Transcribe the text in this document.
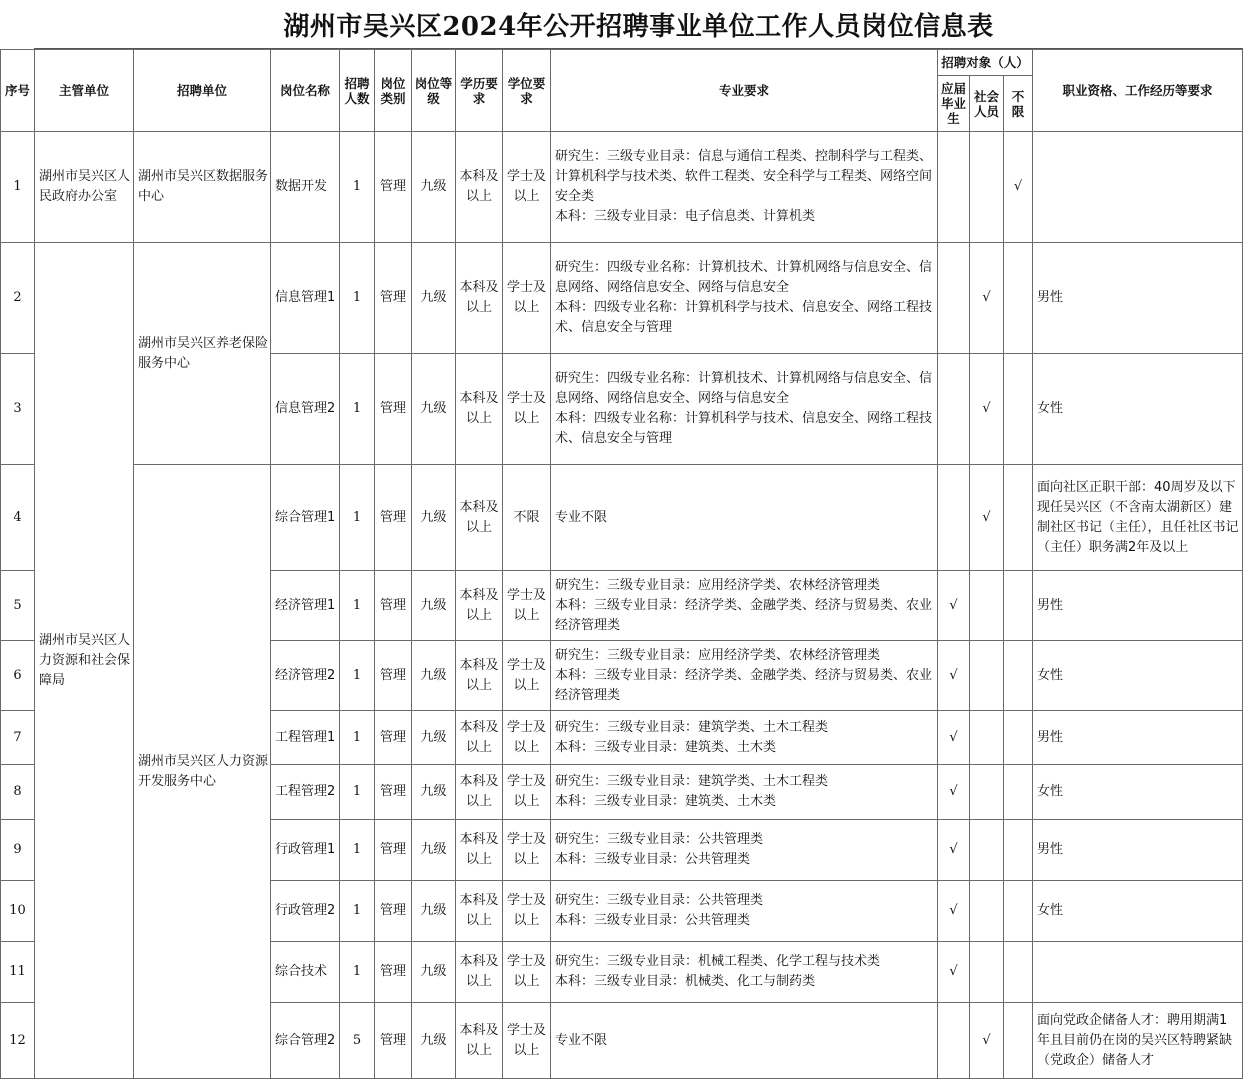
湖州市吴兴区2024年公开招聘事业单位工作人员岗位信息表
序号	主管单位	招聘单位	岗位名称	招聘人数	岗位类别	岗位等级	学历要求	学位要求	专业要求	招聘对象（人）			职业资格、工作经历等要求
										应届毕业生	社会人员	不限	
1	湖州市吴兴区人民政府办公室	湖州市吴兴区数据服务中心	数据开发	1	管理	九级	本科及以上	学士及以上	研究生：三级专业目录：信息与通信工程类、控制科学与工程类、计算机科学与技术类、软件工程类、安全科学与工程类、网络空间安全类
本科：三级专业目录：电子信息类、计算机类			√	
2	湖州市吴兴区人力资源和社会保障局	湖州市吴兴区养老保险服务中心	信息管理1	1	管理	九级	本科及以上	学士及以上	研究生：四级专业名称：计算机技术、计算机网络与信息安全、信息网络、网络信息安全、网络与信息安全
本科：四级专业名称：计算机科学与技术、信息安全、网络工程技术、信息安全与管理		√		男性
3			信息管理2	1	管理	九级	本科及以上	学士及以上	研究生：四级专业名称：计算机技术、计算机网络与信息安全、信息网络、网络信息安全、网络与信息安全
本科：四级专业名称：计算机科学与技术、信息安全、网络工程技术、信息安全与管理		√		女性
4		湖州市吴兴区人力资源开发服务中心	综合管理1	1	管理	九级	本科及以上	不限	专业不限		√		面向社区正职干部：40周岁及以下现任吴兴区（不含南太湖新区）建制社区书记（主任），且任社区书记（主任）职务满2年及以上
5			经济管理1	1	管理	九级	本科及以上	学士及以上	研究生：三级专业目录：应用经济学类、农林经济管理类
本科：三级专业目录：经济学类、金融学类、经济与贸易类、农业经济管理类	√			男性
6			经济管理2	1	管理	九级	本科及以上	学士及以上	研究生：三级专业目录：应用经济学类、农林经济管理类
本科：三级专业目录：经济学类、金融学类、经济与贸易类、农业经济管理类	√			女性
7			工程管理1	1	管理	九级	本科及以上	学士及以上	研究生：三级专业目录：建筑学类、土木工程类
本科：三级专业目录：建筑类、土木类	√			男性
8			工程管理2	1	管理	九级	本科及以上	学士及以上	研究生：三级专业目录：建筑学类、土木工程类
本科：三级专业目录：建筑类、土木类	√			女性
9			行政管理1	1	管理	九级	本科及以上	学士及以上	研究生：三级专业目录：公共管理类
本科：三级专业目录：公共管理类	√			男性
10			行政管理2	1	管理	九级	本科及以上	学士及以上	研究生：三级专业目录：公共管理类
本科：三级专业目录：公共管理类	√			女性
11			综合技术	1	管理	九级	本科及以上	学士及以上	研究生：三级专业目录：机械工程类、化学工程与技术类
本科：三级专业目录：机械类、化工与制药类	√			
12			综合管理2	5	管理	九级	本科及以上	学士及以上	专业不限		√		面向党政企储备人才：聘用期满1年且目前仍在岗的吴兴区特聘紧缺（党政企）储备人才
